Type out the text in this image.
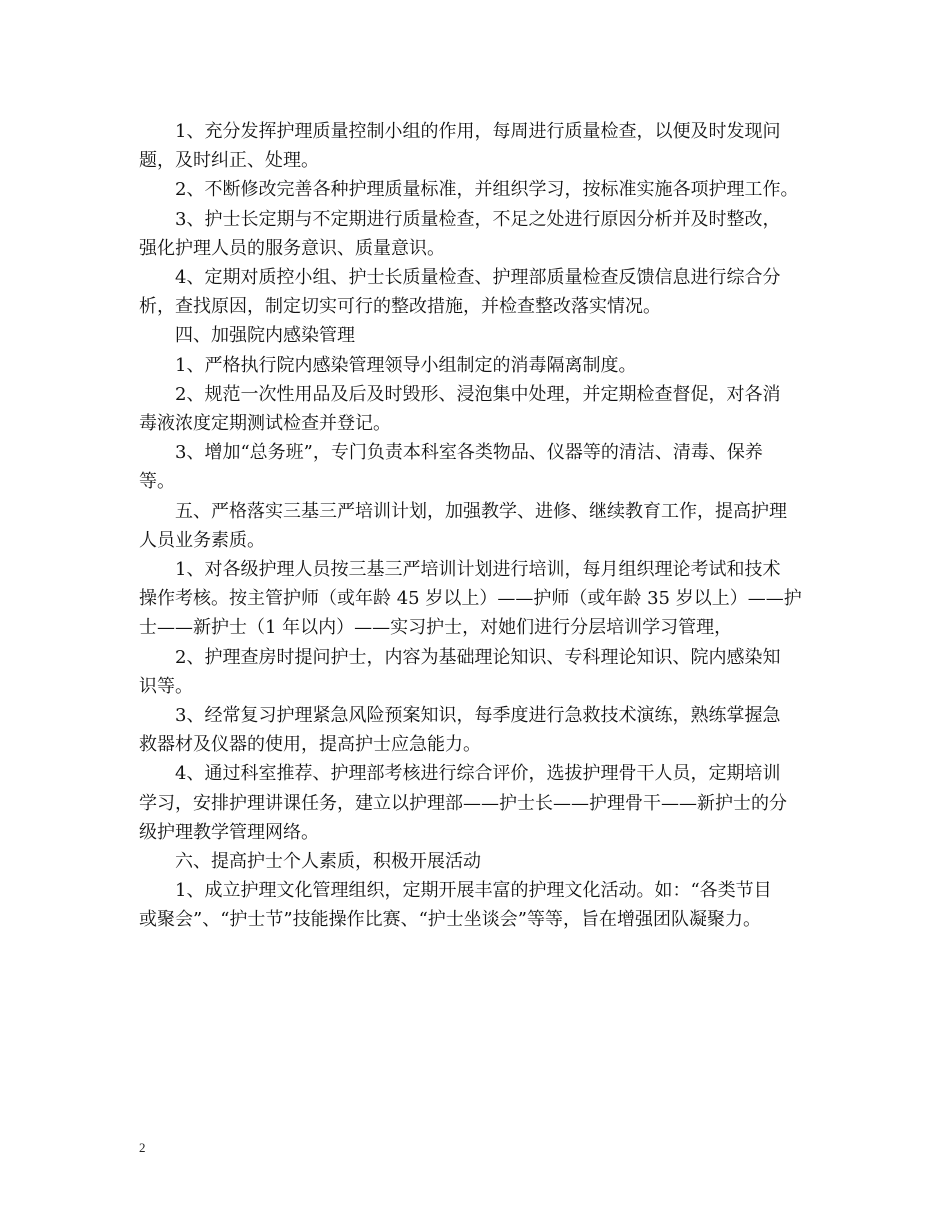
1、充分发挥护理质量控制小组的作用，每周进行质量检查，以便及时发现问
题，及时纠正、处理。

2、不断修改完善各种护理质量标准，并组织学习，按标准实施各项护理工作。

3、护士长定期与不定期进行质量检查，不足之处进行原因分析并及时整改，
强化护理人员的服务意识、质量意识。

4、定期对质控小组、护士长质量检查、护理部质量检查反馈信息进行综合分
析，查找原因，制定切实可行的整改措施，并检查整改落实情况。

四、加强院内感染管理

1、严格执行院内感染管理领导小组制定的消毒隔离制度。

2、规范一次性用品及后及时毁形、浸泡集中处理，并定期检查督促，对各消
毒液浓度定期测试检查并登记。

3、增加“总务班”，专门负责本科室各类物品、仪器等的清洁、清毒、保养
等。

五、严格落实三基三严培训计划，加强教学、进修、继续教育工作，提高护理
人员业务素质。

1、对各级护理人员按三基三严培训计划进行培训，每月组织理论考试和技术
操作考核。按主管护师（或年龄 45 岁以上）——护师（或年龄 35 岁以上）——护
士——新护士（1 年以内）——实习护士，对她们进行分层培训学习管理，

2、护理查房时提问护士，内容为基础理论知识、专科理论知识、院内感染知
识等。

3、经常复习护理紧急风险预案知识，每季度进行急救技术演练，熟练掌握急
救器材及仪器的使用，提高护士应急能力。

4、通过科室推荐、护理部考核进行综合评价，选拔护理骨干人员，定期培训
学习，安排护理讲课任务，建立以护理部——护士长——护理骨干——新护士的分
级护理教学管理网络。

六、提高护士个人素质，积极开展活动

1、成立护理文化管理组织，定期开展丰富的护理文化活动。如：“各类节目
或聚会”、“护士节”技能操作比赛、“护士坐谈会”等等，旨在增强团队凝聚力。

2
